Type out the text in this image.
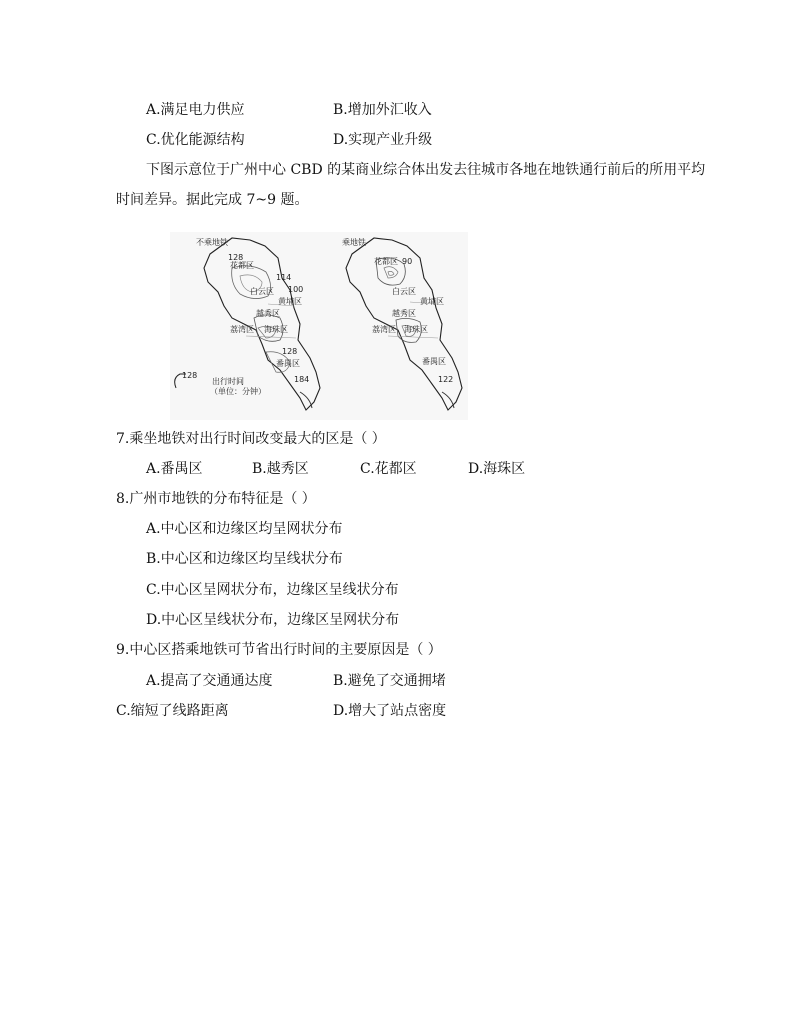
A.满足电力供应	B.增加外汇收入
C.优化能源结构	D.实现产业升级
下图示意位于广州中心 CBD 的某商业综合体出发去往城市各地在地铁通行前后的所用平均
时间差异。据此完成 7~9 题。
不乘地铁
128
花都区
114
100
白云区
黄埔区
越秀区
荔湾区 海珠区
128
番禺区
184
128
出行时间
（单位：分钟）
乘地铁
花都区 90
白云区
黄埔区
越秀区
荔湾区 海珠区
番禺区
122
7.乘坐地铁对出行时间改变最大的区是（ ）
A.番禺区	B.越秀区	C.花都区	D.海珠区
8.广州市地铁的分布特征是（ ）
A.中心区和边缘区均呈网状分布
B.中心区和边缘区均呈线状分布
C.中心区呈网状分布，边缘区呈线状分布
D.中心区呈线状分布，边缘区呈网状分布
9.中心区搭乘地铁可节省出行时间的主要原因是（ ）
A.提高了交通通达度	B.避免了交通拥堵
C.缩短了线路距离	D.增大了站点密度
